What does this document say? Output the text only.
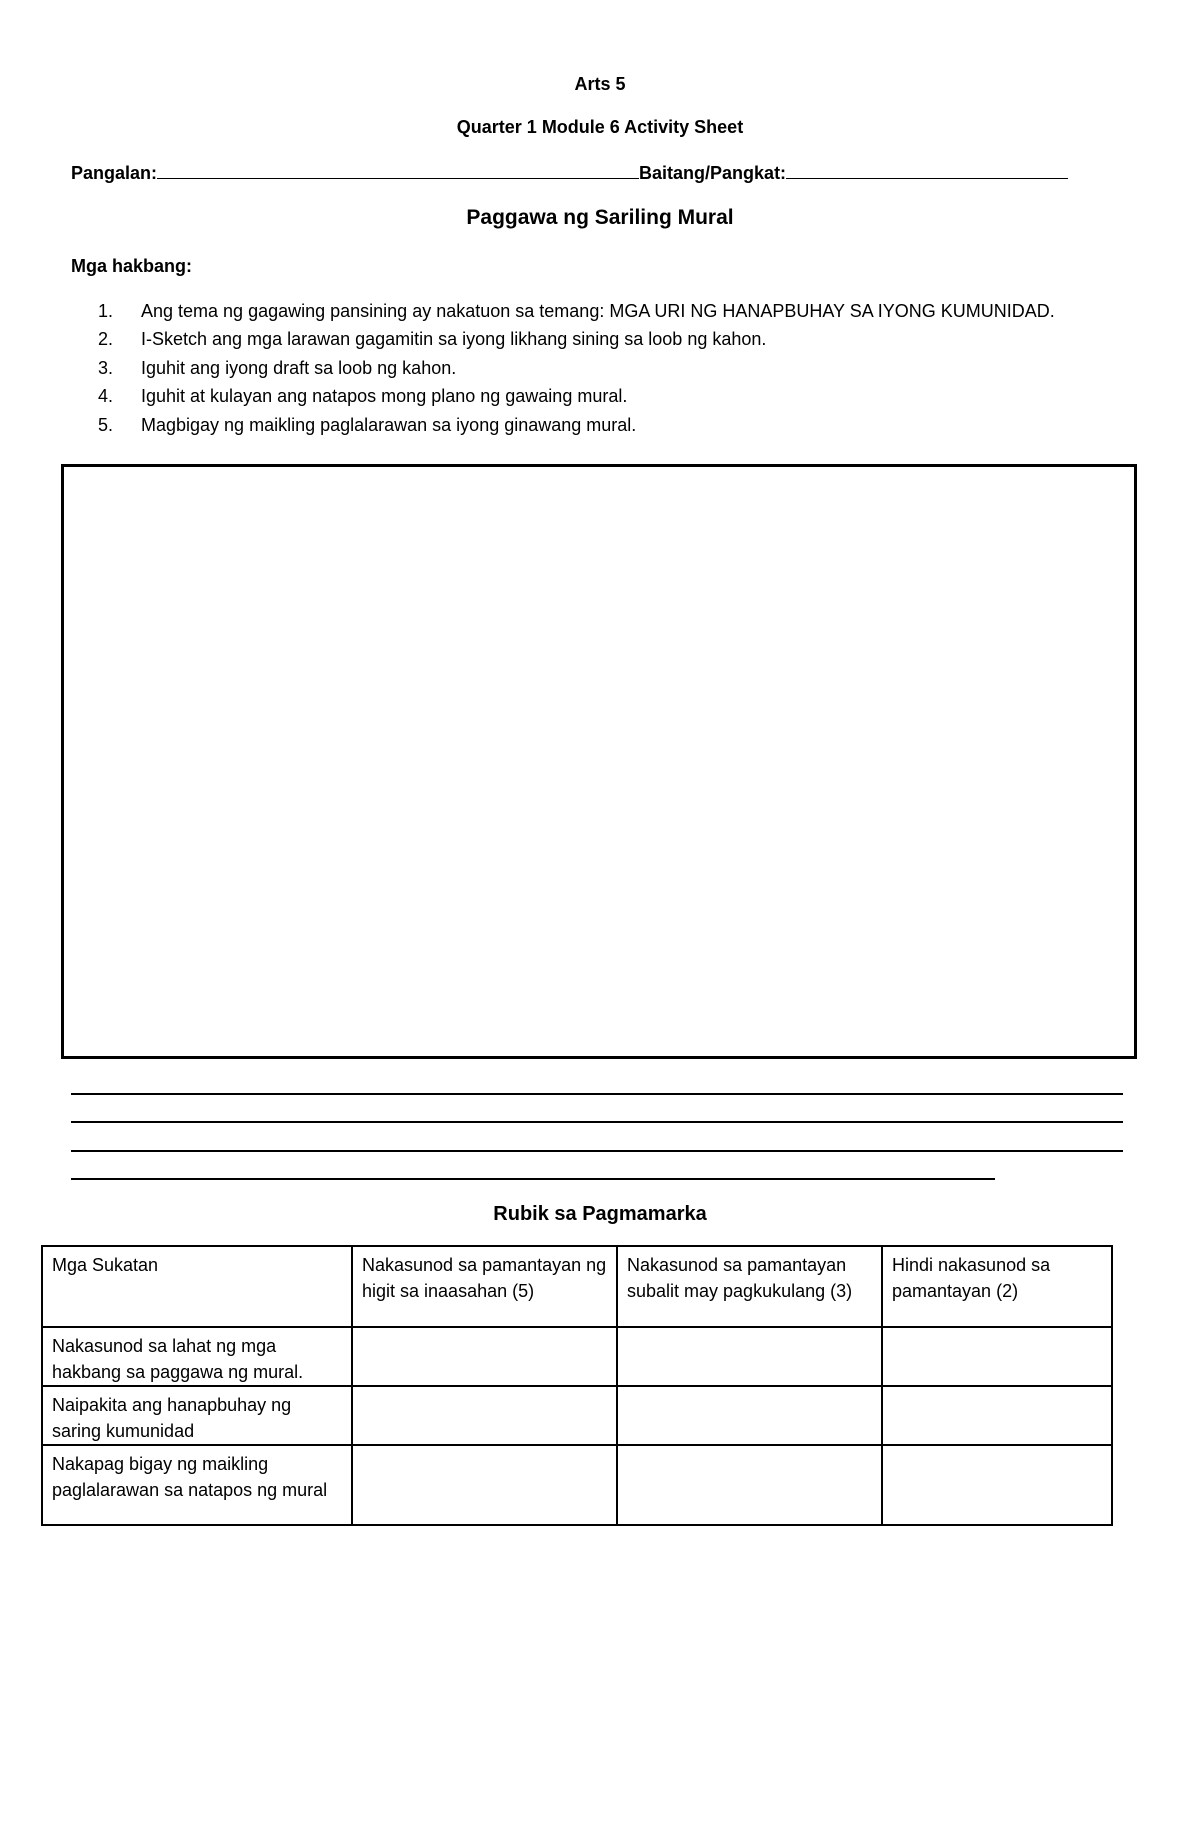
Arts 5
Quarter 1 Module 6 Activity Sheet
Pangalan:	Baitang/Pangkat:
Paggawa ng Sariling Mural
Mga hakbang:
1. Ang tema ng gagawing pansining ay nakatuon sa temang: MGA URI NG HANAPBUHAY SA IYONG KUMUNIDAD.
2. I-Sketch ang mga larawan gagamitin sa iyong likhang sining sa loob ng kahon.
3. Iguhit ang iyong draft sa loob ng kahon.
4. Iguhit at kulayan ang natapos mong plano ng gawaing mural.
5. Magbigay ng maikling paglalarawan sa iyong ginawang mural.
Rubik sa Pagmamarka
Mga Sukatan	Nakasunod sa pamantayan ng higit sa inaasahan (5)	Nakasunod sa pamantayan subalit may pagkukulang (3)	Hindi nakasunod sa pamantayan (2)
Nakasunod sa lahat ng mga hakbang sa paggawa ng mural.			
Naipakita ang hanapbuhay ng saring kumunidad			
Nakapag bigay ng maikling paglalarawan sa natapos ng mural			
